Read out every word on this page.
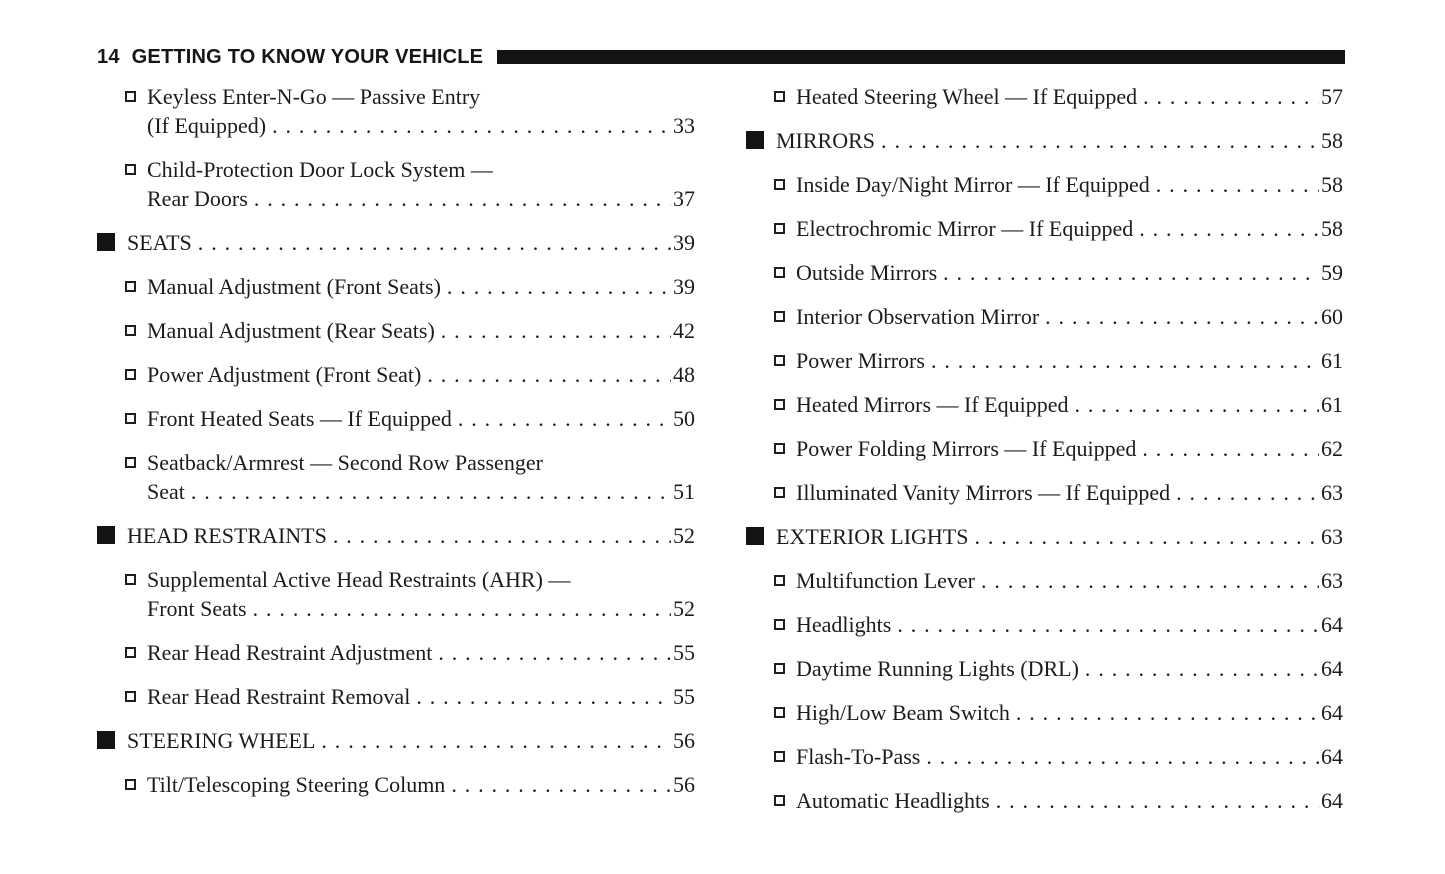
14 GETTING TO KNOW YOUR VEHICLE
Keyless Enter-N-Go — Passive Entry
(If Equipped) . . .	33
Child-Protection Door Lock System —
Rear Doors . . .	37
SEATS . . .	39
Manual Adjustment (Front Seats) . . .	39
Manual Adjustment (Rear Seats) . . .	42
Power Adjustment (Front Seat) . . .	48
Front Heated Seats — If Equipped . . .	50
Seatback/Armrest — Second Row Passenger
Seat . . .	51
HEAD RESTRAINTS . . .	52
Supplemental Active Head Restraints (AHR) —
Front Seats . . .	52
Rear Head Restraint Adjustment . . .	55
Rear Head Restraint Removal . . .	55
STEERING WHEEL . . .	56
Tilt/Telescoping Steering Column . . .	56
Heated Steering Wheel — If Equipped . . .	57
MIRRORS . . .	58
Inside Day/Night Mirror — If Equipped . . .	58
Electrochromic Mirror — If Equipped . . .	58
Outside Mirrors . . .	59
Interior Observation Mirror . . .	60
Power Mirrors . . .	61
Heated Mirrors — If Equipped . . .	61
Power Folding Mirrors — If Equipped . . .	62
Illuminated Vanity Mirrors — If Equipped . . .	63
EXTERIOR LIGHTS . . .	63
Multifunction Lever . . .	63
Headlights . . .	64
Daytime Running Lights (DRL) . . .	64
High/Low Beam Switch . . .	64
Flash-To-Pass . . .	64
Automatic Headlights . . .	64
